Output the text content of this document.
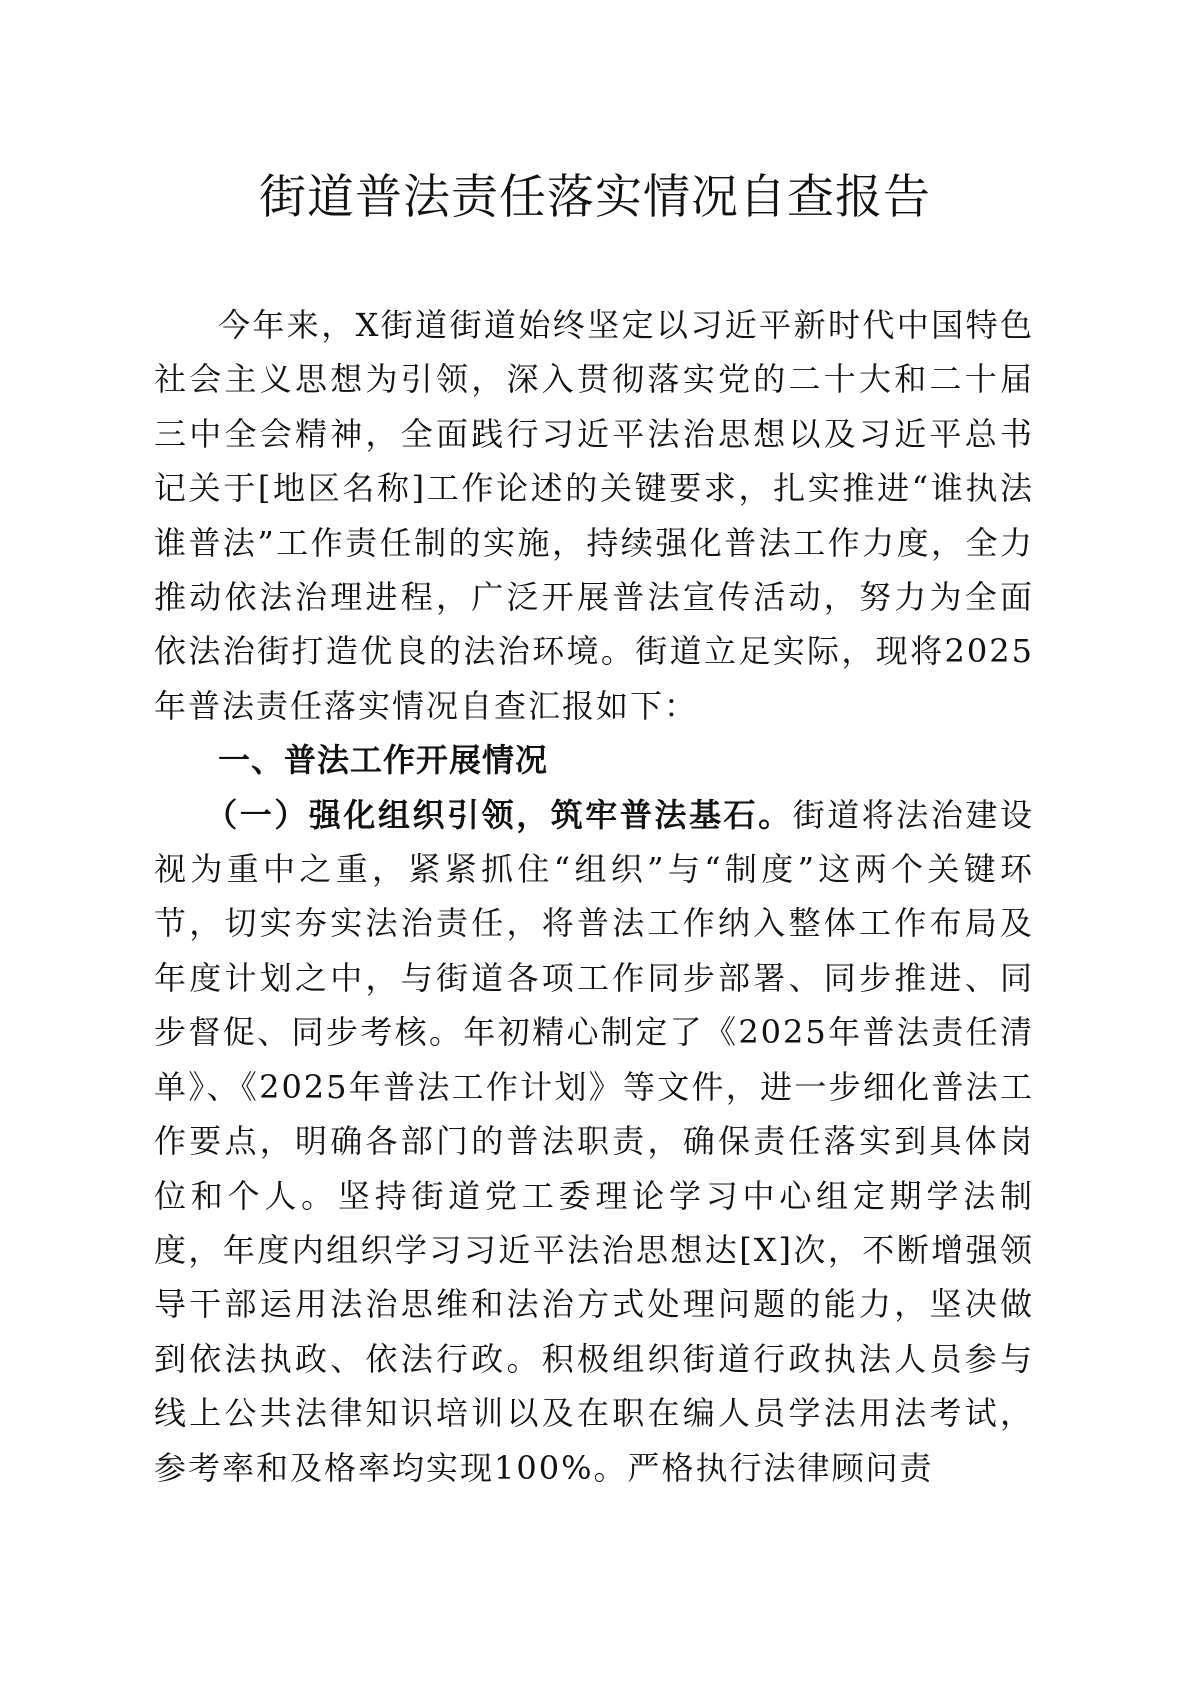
街道普法责任落实情况自查报告

今年来，X街道街道始终坚定以习近平新时代中国特色社会主义思想为引领，深入贯彻落实党的二十大和二十届三中全会精神，全面践行习近平法治思想以及习近平总书记关于[地区名称]工作论述的关键要求，扎实推进“谁执法谁普法”工作责任制的实施，持续强化普法工作力度，全力推动依法治理进程，广泛开展普法宣传活动，努力为全面依法治街打造优良的法治环境。街道立足实际，现将2025年普法责任落实情况自查汇报如下：

一、普法工作开展情况

（一）强化组织引领，筑牢普法基石。街道将法治建设视为重中之重，紧紧抓住“组织”与“制度”这两个关键环节，切实夯实法治责任，将普法工作纳入整体工作布局及年度计划之中，与街道各项工作同步部署、同步推进、同步督促、同步考核。年初精心制定了《2025年普法责任清单》、《2025年普法工作计划》等文件，进一步细化普法工作要点，明确各部门的普法职责，确保责任落实到具体岗位和个人。坚持街道党工委理论学习中心组定期学法制度，年度内组织学习习近平法治思想达[X]次，不断增强领导干部运用法治思维和法治方式处理问题的能力，坚决做到依法执政、依法行政。积极组织街道行政执法人员参与线上公共法律知识培训以及在职在编人员学法用法考试，参考率和及格率均实现100%。严格执行法律顾问责
